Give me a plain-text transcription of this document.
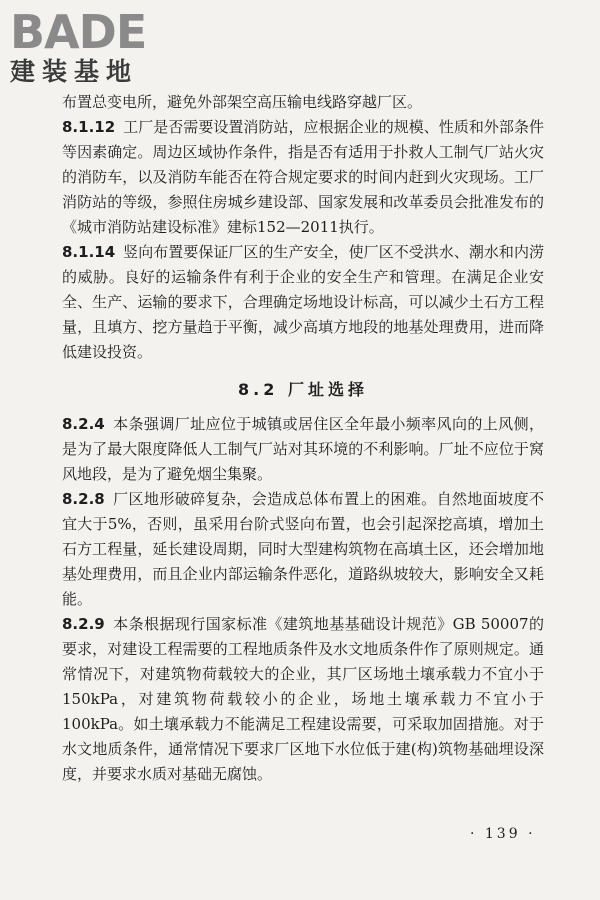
BADE
建装基地

布置总变电所，避免外部架空高压输电线路穿越厂区。

8.1.12 工厂是否需要设置消防站，应根据企业的规模、性质和外部条件等因素确定。周边区域协作条件，指是否有适用于扑救人工制气厂站火灾的消防车，以及消防车能否在符合规定要求的时间内赶到火灾现场。工厂消防站的等级，参照住房城乡建设部、国家发展和改革委员会批准发布的《城市消防站建设标准》建标152—2011执行。

8.1.14 竖向布置要保证厂区的生产安全，使厂区不受洪水、潮水和内涝的威胁。良好的运输条件有利于企业的安全生产和管理。在满足企业安全、生产、运输的要求下，合理确定场地设计标高，可以减少土石方工程量，且填方、挖方量趋于平衡，减少高填方地段的地基处理费用，进而降低建设投资。

8.2 厂址选择

8.2.4 本条强调厂址应位于城镇或居住区全年最小频率风向的上风侧，是为了最大限度降低人工制气厂站对其环境的不利影响。厂址不应位于窝风地段，是为了避免烟尘集聚。

8.2.8 厂区地形破碎复杂，会造成总体布置上的困难。自然地面坡度不宜大于5%，否则，虽采用台阶式竖向布置，也会引起深挖高填，增加土石方工程量，延长建设周期，同时大型建构筑物在高填土区，还会增加地基处理费用，而且企业内部运输条件恶化，道路纵坡较大，影响安全又耗能。

8.2.9 本条根据现行国家标准《建筑地基基础设计规范》GB 50007的要求，对建设工程需要的工程地质条件及水文地质条件作了原则规定。通常情况下，对建筑物荷载较大的企业，其厂区场地土壤承载力不宜小于150kPa，对建筑物荷载较小的企业，场地土壤承载力不宜小于100kPa。如土壤承载力不能满足工程建设需要，可采取加固措施。对于水文地质条件，通常情况下要求厂区地下水位低于建(构)筑物基础埋设深度，并要求水质对基础无腐蚀。

· 139 ·
